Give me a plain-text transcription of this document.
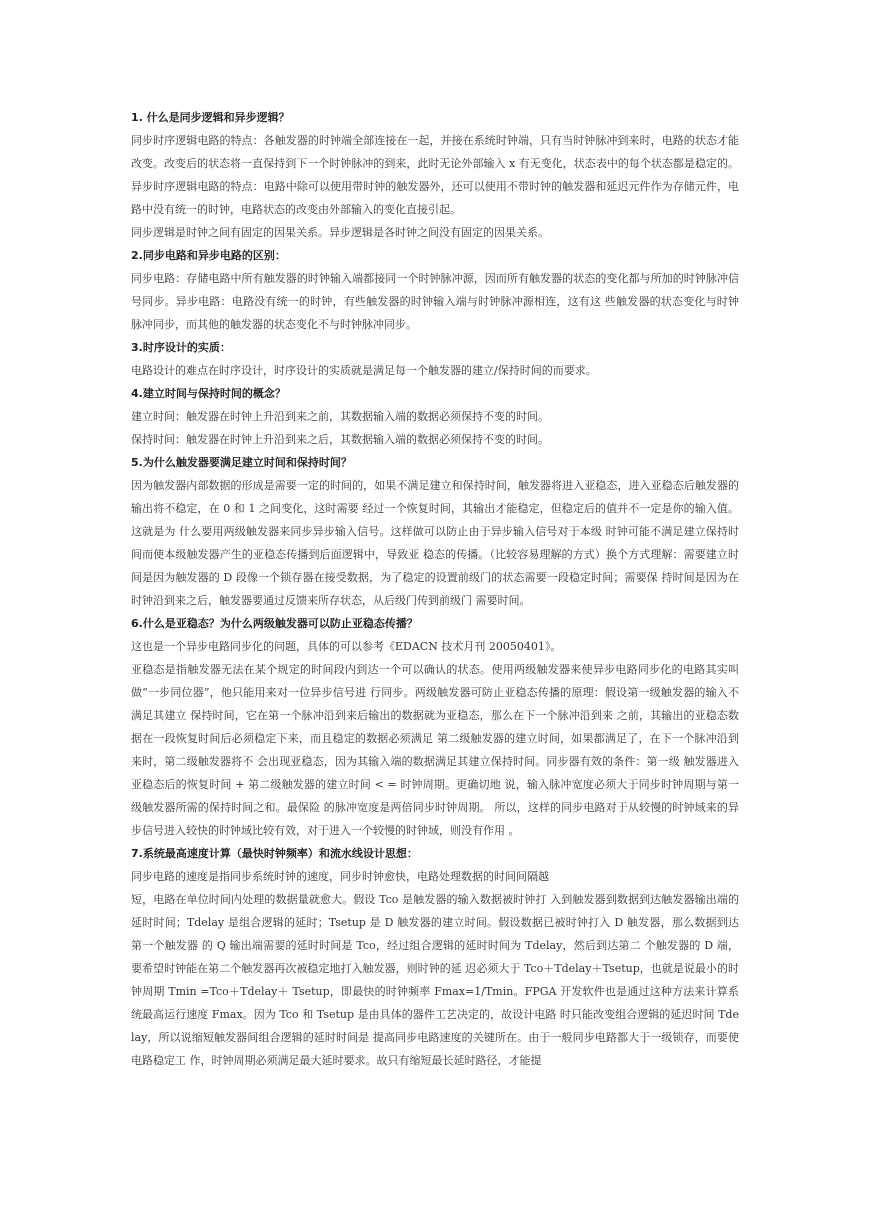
1. 什么是同步逻辑和异步逻辑？

同步时序逻辑电路的特点：各触发器的时钟端全部连接在一起，并接在系统时钟端，只有当时钟脉冲到来时，电路的状态才能改变。改变后的状态将一直保持到下一个时钟脉冲的到来，此时无论外部输入 x 有无变化，状态表中的每个状态都是稳定的。异步时序逻辑电路的特点：电路中除可以使用带时钟的触发器外，还可以使用不带时钟的触发器和延迟元件作为存储元件，电路中没有统一的时钟，电路状态的改变由外部输入的变化直接引起。

同步逻辑是时钟之间有固定的因果关系。异步逻辑是各时钟之间没有固定的因果关系。

2.同步电路和异步电路的区别：

同步电路：存储电路中所有触发器的时钟输入端都接同一个时钟脉冲源，因而所有触发器的状态的变化都与所加的时钟脉冲信号同步。异步电路：电路没有统一的时钟，有些触发器的时钟输入端与时钟脉冲源相连，这有这 些触发器的状态变化与时钟脉冲同步，而其他的触发器的状态变化不与时钟脉冲同步。

3.时序设计的实质：

电路设计的难点在时序设计，时序设计的实质就是满足每一个触发器的建立/保持时间的而要求。

4.建立时间与保持时间的概念？

建立时间：触发器在时钟上升沿到来之前，其数据输入端的数据必须保持不变的时间。

保持时间：触发器在时钟上升沿到来之后，其数据输入端的数据必须保持不变的时间。

5.为什么触发器要满足建立时间和保持时间？

因为触发器内部数据的形成是需要一定的时间的，如果不满足建立和保持时间，触发器将进入亚稳态，进入亚稳态后触发器的输出将不稳定，在 0 和 1 之间变化，这时需要 经过一个恢复时间，其输出才能稳定，但稳定后的值并不一定是你的输入值。这就是为 什么要用两级触发器来同步异步输入信号。这样做可以防止由于异步输入信号对于本级 时钟可能不满足建立保持时间而使本级触发器产生的亚稳态传播到后面逻辑中，导致亚 稳态的传播。（比较容易理解的方式）换个方式理解：需要建立时间是因为触发器的 D 段像一个锁存器在接受数据，为了稳定的设置前级门的状态需要一段稳定时间；需要保 持时间是因为在时钟沿到来之后，触发器要通过反馈来所存状态，从后级门传到前级门 需要时间。

6.什么是亚稳态？为什么两级触发器可以防止亚稳态传播？

这也是一个异步电路同步化的问题，具体的可以参考《EDACN 技术月刊 20050401》。

亚稳态是指触发器无法在某个规定的时间段内到达一个可以确认的状态。使用两级触发器来使异步电路同步化的电路其实叫做“一步同位器”，他只能用来对一位异步信号进 行同步。两级触发器可防止亚稳态传播的原理：假设第一级触发器的输入不满足其建立 保持时间，它在第一个脉冲沿到来后输出的数据就为亚稳态，那么在下一个脉冲沿到来 之前，其输出的亚稳态数据在一段恢复时间后必须稳定下来，而且稳定的数据必须满足 第二级触发器的建立时间，如果都满足了，在下一个脉冲沿到来时，第二级触发器将不 会出现亚稳态，因为其输入端的数据满足其建立保持时间。同步器有效的条件：第一级 触发器进入亚稳态后的恢复时间 + 第二级触发器的建立时间 < = 时钟周期。更确切地 说，输入脉冲宽度必须大于同步时钟周期与第一级触发器所需的保持时间之和。最保险 的脉冲宽度是两倍同步时钟周期。 所以，这样的同步电路对于从较慢的时钟域来的异 步信号进入较快的时钟域比较有效，对于进入一个较慢的时钟域，则没有作用 。

7.系统最高速度计算（最快时钟频率）和流水线设计思想：

同步电路的速度是指同步系统时钟的速度，同步时钟愈快，电路处理数据的时间间隔越

短，电路在单位时间内处理的数据量就愈大。假设 Tco 是触发器的输入数据被时钟打 入到触发器到数据到达触发器输出端的延时时间；Tdelay 是组合逻辑的延时；Tsetup 是 D 触发器的建立时间。假设数据已被时钟打入 D 触发器，那么数据到达第一个触发器 的 Q 输出端需要的延时时间是 Tco，经过组合逻辑的延时时间为 Tdelay，然后到达第二 个触发器的 D 端，要希望时钟能在第二个触发器再次被稳定地打入触发器，则时钟的延 迟必须大于 Tco＋Tdelay＋Tsetup，也就是说最小的时钟周期 Tmin =Tco＋Tdelay＋ Tsetup，即最快的时钟频率 Fmax=1/Tmin。FPGA 开发软件也是通过这种方法来计算系 统最高运行速度 Fmax。因为 Tco 和 Tsetup 是由具体的器件工艺决定的，故设计电路 时只能改变组合逻辑的延迟时间 Tdelay，所以说缩短触发器间组合逻辑的延时时间是 提高同步电路速度的关键所在。由于一般同步电路都大于一级锁存，而要使电路稳定工 作，时钟周期必须满足最大延时要求。故只有缩短最长延时路径，才能提
